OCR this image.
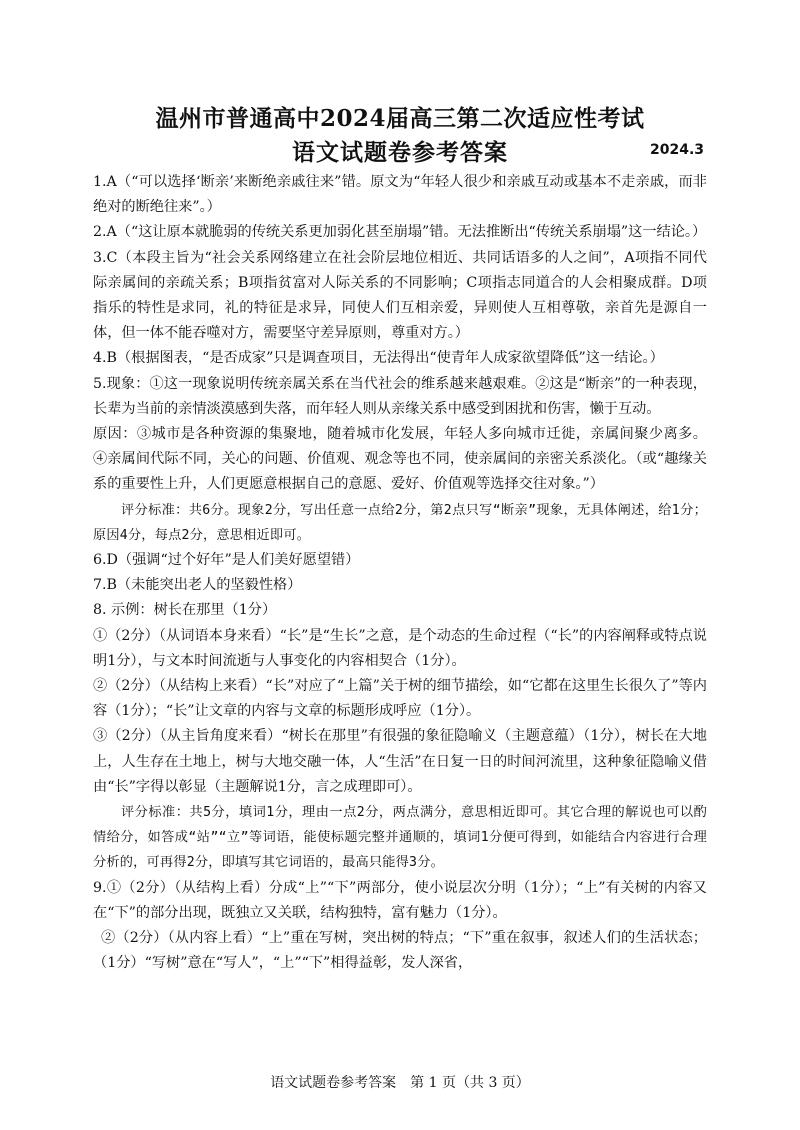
温州市普通高中2024届高三第二次适应性考试
语文试题卷参考答案	2024.3

1.A（“可以选择‘断亲’来断绝亲戚往来”错。原文为“年轻人很少和亲戚互动或基本不走亲戚，而非绝对的断绝往来”。）

2.A（“这让原本就脆弱的传统关系更加弱化甚至崩塌”错。无法推断出“传统关系崩塌”这一结论。）

3.C（本段主旨为“社会关系网络建立在社会阶层地位相近、共同话语多的人之间”，A项指不同代际亲属间的亲疏关系；B项指贫富对人际关系的不同影响；C项指志同道合的人会相聚成群。D项指乐的特性是求同，礼的特征是求异，同使人们互相亲爱，异则使人互相尊敬，亲首先是源自一体，但一体不能吞噬对方，需要坚守差异原则，尊重对方。）

4.B（根据图表，“是否成家”只是调查项目，无法得出“使青年人成家欲望降低”这一结论。）

5.现象：①这一现象说明传统亲属关系在当代社会的维系越来越艰难。②这是“断亲”的一种表现，长辈为当前的亲情淡漠感到失落，而年轻人则从亲缘关系中感受到困扰和伤害，懒于互动。

原因：③城市是各种资源的集聚地，随着城市化发展，年轻人多向城市迁徙，亲属间聚少离多。 ④亲属间代际不同，关心的问题、价值观、观念等也不同，使亲属间的亲密关系淡化。（或“趣缘关系的重要性上升，人们更愿意根据自己的意愿、爱好、价值观等选择交往对象。”）

评分标准：共6分。现象2分，写出任意一点给2分，第2点只写“断亲”现象，无具体阐述，给1分；原因4分，每点2分，意思相近即可。

6.D（强调“过个好年”是人们美好愿望错）

7.B（未能突出老人的坚毅性格）

8. 示例：树长在那里（1分）

①（2分）（从词语本身来看）“长”是“生长”之意，是个动态的生命过程（“长”的内容阐释或特点说明1分），与文本时间流逝与人事变化的内容相契合（1分）。

②（2分）（从结构上来看）“长”对应了“上篇”关于树的细节描绘，如“它都在这里生长很久了”等内容（1分）；“长”让文章的内容与文章的标题形成呼应（1分）。

③（2分）（从主旨角度来看）“树长在那里”有很强的象征隐喻义（主题意蕴）（1分），树长在大地上，人生存在土地上，树与大地交融一体，人“生活”在日复一日的时间河流里，这种象征隐喻义借由“长”字得以彰显（主题解说1分，言之成理即可）。

评分标准：共5分，填词1分，理由一点2分，两点满分，意思相近即可。其它合理的解说也可以酌情给分，如答成“站”“立”等词语，能使标题完整并通顺的，填词1分便可得到，如能结合内容进行合理分析的，可再得2分，即填写其它词语的，最高只能得3分。

9.①（2分）（从结构上看）分成“上”“下”两部分，使小说层次分明（1分）；“上”有关树的内容又在“下”的部分出现，既独立又关联，结构独特，富有魅力（1分）。

②（2分）（从内容上看）“上”重在写树，突出树的特点；“下”重在叙事，叙述人们的生活状态；（1分）“写树”意在“写人”，“上”“下”相得益彰，发人深省，

语文试题卷参考答案　第 1 页（共 3 页）
